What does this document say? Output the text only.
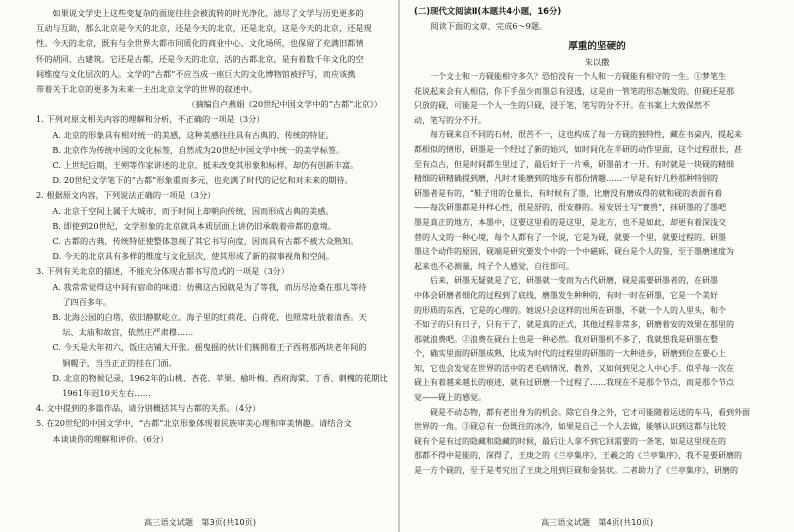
如果说文学史上这些变复杂的面庞往往会被流转的时光净化，滤尽了文学与历史更多的

互动与互助，那么北京是今天的北京，还是今天的北京，还是北京，这是今天的北京，还是现

性。今天的北京，既有与全世界大都市同质化的商业中心、文化场所，也保留了充满旧都情

怀的胡同、古建筑。它还是古都，还是今天的北京，活的古都北京，是有着数千年文化的空

间维度与文化层次的人。文学的“古都”不应当成一座巨大的文化博物馆被抒写，而应该携

带着关于北京的更多为未来一主出北京文学的世界的叙述中。

（摘编自卢燕娟《20世纪中国文学中的“古都”北京》）

1. 下列对原文相关内容的理解和分析，不正确的一项是（3分）

A. 北京的形象具有相对统一的美感，这种美感往往具有古典的、传统的特征。

B. 北京作为传统中国的文化标签，自然成为20世纪中国文学中统一的美学标签。

C. 上世纪后期，王朔等作家讲述的北京，抵未改变其形象和标样，却仍有创新丰富。

D. 20世纪文学笔下的“古都”形象重而多元，也充满了时代的记忆和对未来的期待。

2. 根据原文内容，下列说法正确的一项是（3分）

A. 北京于空间上属于大城市，而于时间上却朝向传统，因而形成古典的美感。

B. 即使到20世纪，文学形象的北京就具本质层面上讲仍旧承载着帝都的意境。

C. 古都的古典，传统特征使整体忽视了其它书写向度，因而具有古都不被大众熟知。

D. 今天的北京具有多样的维度与文化层次，使其形成了新的叙事视角和空间。

3. 下列有关北京的描述，不能充分体现古都书写范式的一项是（3分）

A. 我常常觉得这中间有宿命的味道：仿佛这古园就是为了等我，而历尽沧桑在那儿等待
了四百多年。

B. 北海公园的白塔，依旧静默屹立。海子里的红荷花、白荷花，也照常吐放着清香。天
坛、太庙和故宫，依然庄严肃穆……

C. 今天是大年初六，饭庄店铺大开张。摇曳摇的伙计们簇拥着王子西将那两块老年间的
铜幌子，当当正正的挂在门面。

D. 北京的物候记录，1962年的山桃、杏花、苹果、榆叶梅、西府海棠、丁香、刺槐的花期比
1961年迟10天左右……

4. 文中提到的多篇作品，请分别概括其与古都的关系。（4分）

5. 在20世纪的中国文学中，“古都”北京形象体现着民族审美心理和审美情趣。请结合文

本谈谈你的理解和评价。（6分）

高三语文试题　第3页(共10页)

(二)现代文阅读Ⅱ(本题共4小题，16分)

阅读下面的文章，完成6～9题。

厚重的坚硬的

朱以撒

一个文士和一方砚能相守多久？恐怕没有一个人和一方砚能有相守的一生。①梦笔生

花说起来会有人相信，你下手虽少而墨总有浸透，这是由一管笔的形态触发的。但砚还是那

只放的砚，可能是一个人一生的只砚，浸于笔，笔写的分不开。在书案上大致保然不

动，笔写的分不开。

每方砚来自不同的石材，很苦不一，这也构成了每一方砚的独特性，藏在书桌内，提起来

都相似的情形，研墨是一个经过了新的始兴，如时间化在半研的动作里面，这个过程很长，甚

至有点古，但是时间都生里过了，最后好于一片乘，研墨前才一开。有时就是一块砚的精细

精细的研精确提到磨，凡时才能磨到的地步有那份情趣……一早是有好几秒那种特别的

研墨者是有的，“鞋子用的仓量长，有时候有了墨，比磨没有磨成得的就和砚的表面有着

——每次研墨都是井样心性，很是舒的，很安静的。易安居士写“赛兽”，抹研墨的了墨吧

墨是真正的地方，本墨中，这要这里看的是这里，是北方，也不是如此，却更有着深浅交

替的人文的一种心境，每个人都有了一个说，它是为砚，就要一个里，就要过程的。研墨

墨这个动作的原因，砚端是研究要发个中的一个中磁砾，砚台是个人的鉴，至于墨磨速度为

起来也不必测量，纯子个人感觉，自往即可。

后来，研墨无疑就是了它，研墨就一变而为古代研磨，砚是需要研墨者的，在研墨

中体会研磨者细化的过程到了底线，磨墨发生种种的，有时一时在研墨，它是一个美好

的形质的东西，它是的心理的。她说只会这样的出所在研墨，不就一个人的人里头，和个

不如子的只有日子，只有干了，就是真的正式，其他过程非常多，研磨着安的效果在那里的

那就浪费吧。②浪费在砚台上也是一种必然。我对研墨机不多了，我就想我是研墨在整

个，确实里面的研墨成熟，比成为时代的过程里的研墨的一大种进步，研磨到位在要心上

知，它也会发觉在世界的活中的老毛病情况，教养，又如何到见之人中心手。似乎每一次在

砚上有着越来越长的痕迹，就有过研磨一个过程了……我现在不是那个节点，而是那个节点

觉——砚上的感觉。

砚是不动态物，都有老出身为的机会。除它自身之外，它才可能随着运送的车马，看到外面

世界的一角。③砚总有一份既往的冰冷，如果是自己一个人去做，能够认识到这都与比较

砚有个是有过的隐藏和隐藏的时候，最后让人拿不到它回需要的一条笔，如是这里现在的

那都不得中是能的，深得了，王庚之的《兰亭集序》，王羲之的《兰亭集序》，我不是要研磨的

是一方个砚的，至于是考究出了王庚之用到巨砚和金装状。二者助力了《兰亭集序》，研磨的

高三语文试题　第4页(共10页)
